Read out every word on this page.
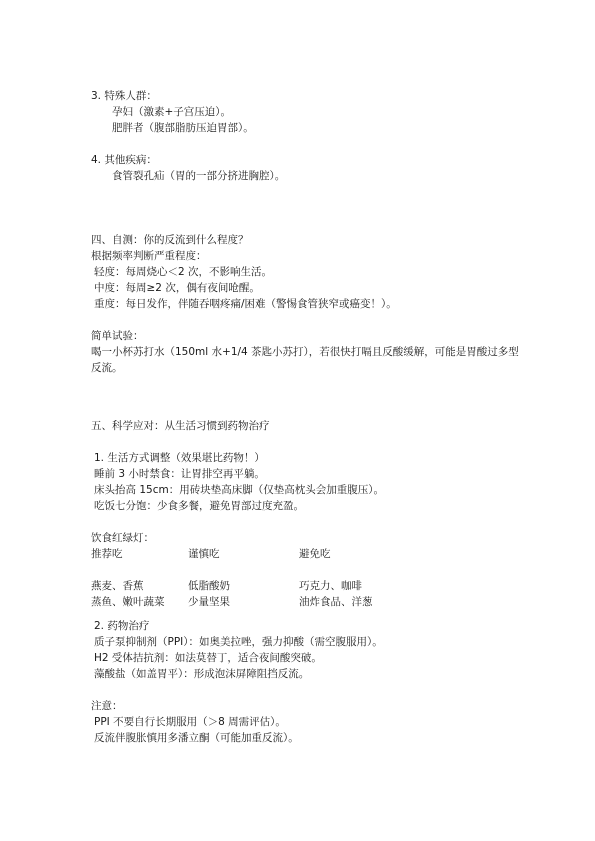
3. 特殊人群：
孕妇（激素+子宫压迫）。
肥胖者（腹部脂肪压迫胃部）。
4. 其他疾病：
食管裂孔疝（胃的一部分挤进胸腔）。
四、自测：你的反流到什么程度？
根据频率判断严重程度：
轻度：每周烧心＜2 次，不影响生活。
中度：每周≥2 次，偶有夜间呛醒。
重度：每日发作，伴随吞咽疼痛/困难（警惕食管狭窄或癌变！）。
简单试验：
喝一小杯苏打水（150ml 水+1/4 茶匙小苏打），若很快打嗝且反酸缓解，可能是胃酸过多型
反流。
五、科学应对：从生活习惯到药物治疗
1. 生活方式调整（效果堪比药物！）
睡前 3 小时禁食：让胃排空再平躺。
床头抬高 15cm：用砖块垫高床脚（仅垫高枕头会加重腹压）。
吃饭七分饱：少食多餐，避免胃部过度充盈。
饮食红绿灯：
推荐吃	谨慎吃	避免吃
燕麦、香蕉	低脂酸奶	巧克力、咖啡
蒸鱼、嫩叶蔬菜 少量坚果	油炸食品、洋葱
2. 药物治疗
质子泵抑制剂（PPI）：如奥美拉唑，强力抑酸（需空腹服用）。
H2 受体拮抗剂：如法莫替丁，适合夜间酸突破。
藻酸盐（如盖胃平）：形成泡沫屏障阻挡反流。
注意：
PPI 不要自行长期服用（＞8 周需评估）。
反流伴腹胀慎用多潘立酮（可能加重反流）。
